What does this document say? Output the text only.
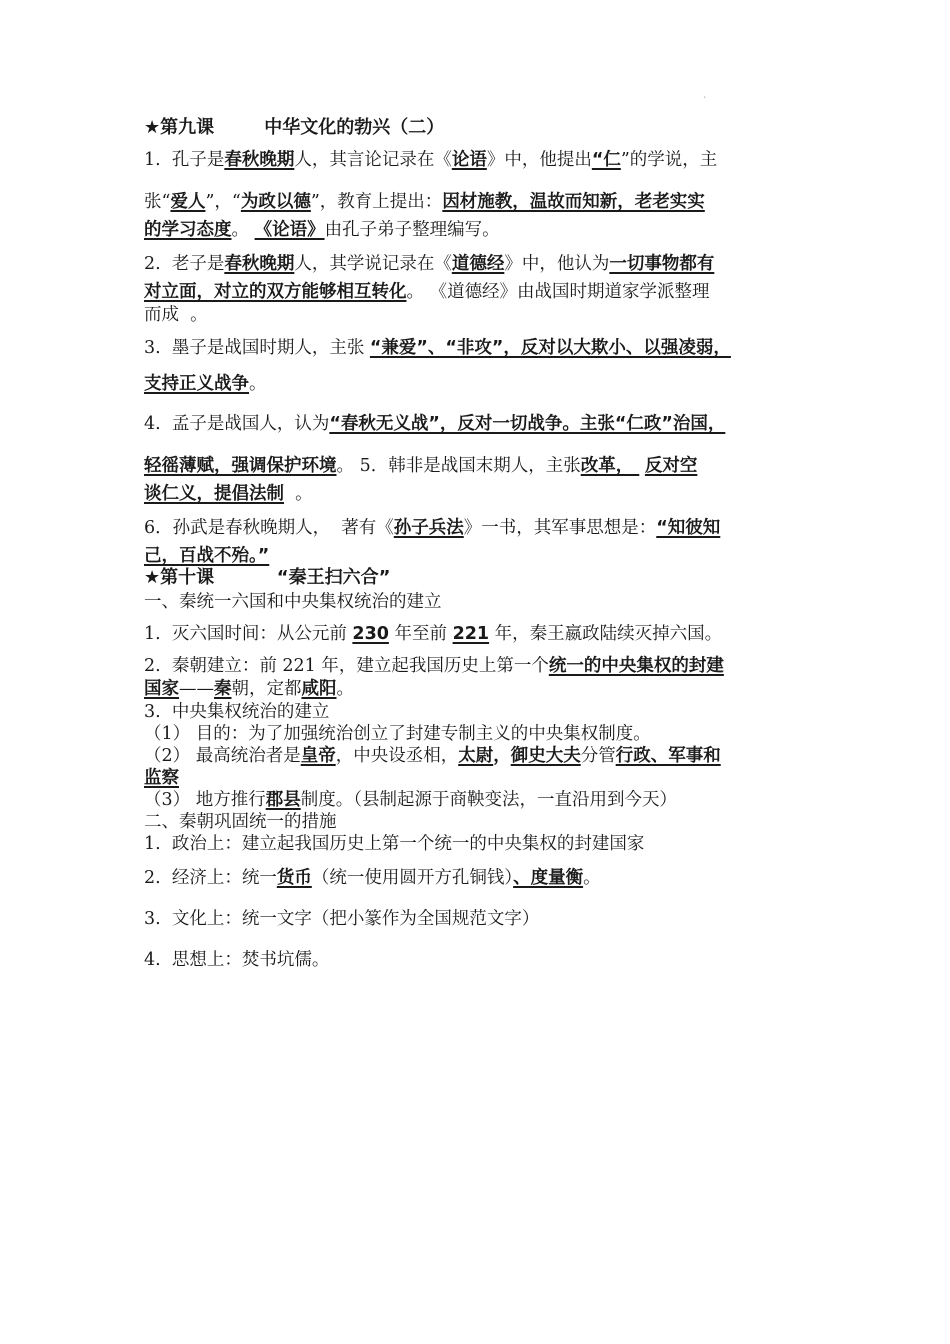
`
★第九课        中华文化的勃兴（二）
1.  孔子是春秋晚期人，其言论记录在《论语》中，他提出“仁”的学说，主
张“爱人”，“为政以德”，教育上提出：因材施教，温故而知新，老老实实
的学习态度。 《论语》由孔子弟子整理编写。
2.  老子是春秋晚期人，其学说记录在《道德经》中，他认为一切事物都有
对立面，对立的双方能够相互转化。 《道德经》由战国时期道家学派整理
而成  。
3.  墨子是战国时期人，主张 “兼爱”、“非攻”，反对以大欺小、以强凌弱，
支持正义战争。
4.  孟子是战国人，认为“春秋无义战”，反对一切战争。主张“仁政”治国，
轻徭薄赋，强调保护环境。 5．韩非是战国末期人，主张改革，  反对空
谈仁义，提倡法制  。
6．孙武是春秋晚期人，  著有《孙子兵法》一书，其军事思想是：“知彼知
己，百战不殆。”
★第十课          “秦王扫六合”
一、秦统一六国和中央集权统治的建立
1.  灭六国时间：从公元前 230 年至前 221 年，秦王嬴政陆续灭掉六国。
2.  秦朝建立：前 221 年，建立起我国历史上第一个统一的中央集权的封建
国家——秦朝，定都咸阳。
3.  中央集权统治的建立
（1） 目的：为了加强统治创立了封建专制主义的中央集权制度。
（2） 最高统治者是皇帝，中央设丞相，太尉，御史大夫分管行政、军事和
监察
（3） 地方推行郡县制度。（县制起源于商鞅变法，一直沿用到今天）
二、秦朝巩固统一的措施
1.  政治上：建立起我国历史上第一个统一的中央集权的封建国家
2.  经济上：统一货币（统一使用圆开方孔铜钱）、度量衡。
3.  文化上：统一文字（把小篆作为全国规范文字）
4.  思想上：焚书坑儒。
